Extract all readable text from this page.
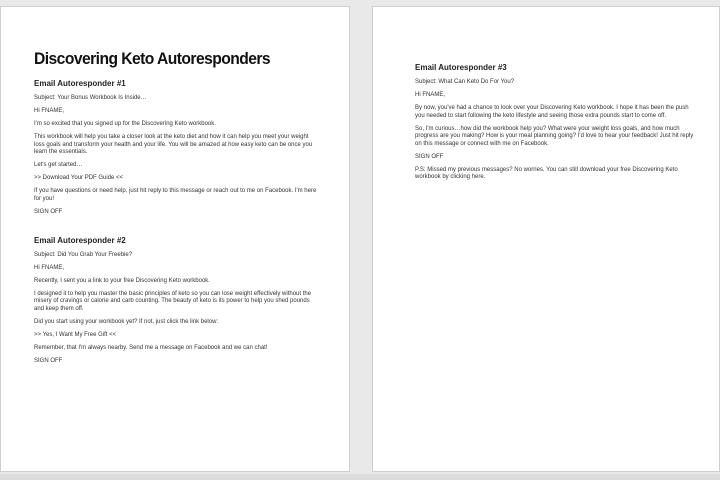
Discovering Keto Autoresponders
Email Autoresponder #1

Subject: Your Bonus Workbook Is Inside…

Hi FNAME,

I'm so excited that you signed up for the Discovering Keto workbook.

This workbook will help you take a closer look at the keto diet and how it can help you meet your weight loss goals and transform your health and your life. You will be amazed at how easy keto can be once you learn the essentials.

Let's get started…

>> Download Your PDF Guide <<

If you have questions or need help, just hit reply to this message or reach out to me on Facebook. I'm here for you!

SIGN OFF

Email Autoresponder #2

Subject: Did You Grab Your Freebie?

Hi FNAME,

Recently, I sent you a link to your free Discovering Keto workbook.

I designed it to help you master the basic principles of keto so you can lose weight effectively without the misery of cravings or calorie and carb counting. The beauty of keto is its power to help you shed pounds and keep them off.

Did you start using your workbook yet? If not, just click the link below:

>> Yes, I Want My Free Gift <<

Remember, that I'm always nearby. Send me a message on Facebook and we can chat!

SIGN OFF

Email Autoresponder #3

Subject: What Can Keto Do For You?

Hi FNAME,

By now, you've had a chance to look over your Discovering Keto workbook. I hope it has been the push you needed to start following the keto lifestyle and seeing those extra pounds start to come off.

So, I'm curious…how did the workbook help you? What were your weight loss goals, and how much progress are you making? How is your meal planning going? I'd love to hear your feedback! Just hit reply on this message or connect with me on Facebook.

SIGN OFF

P.S: Missed my previous messages? No worries. You can still download your free Discovering Keto workbook by clicking here.
